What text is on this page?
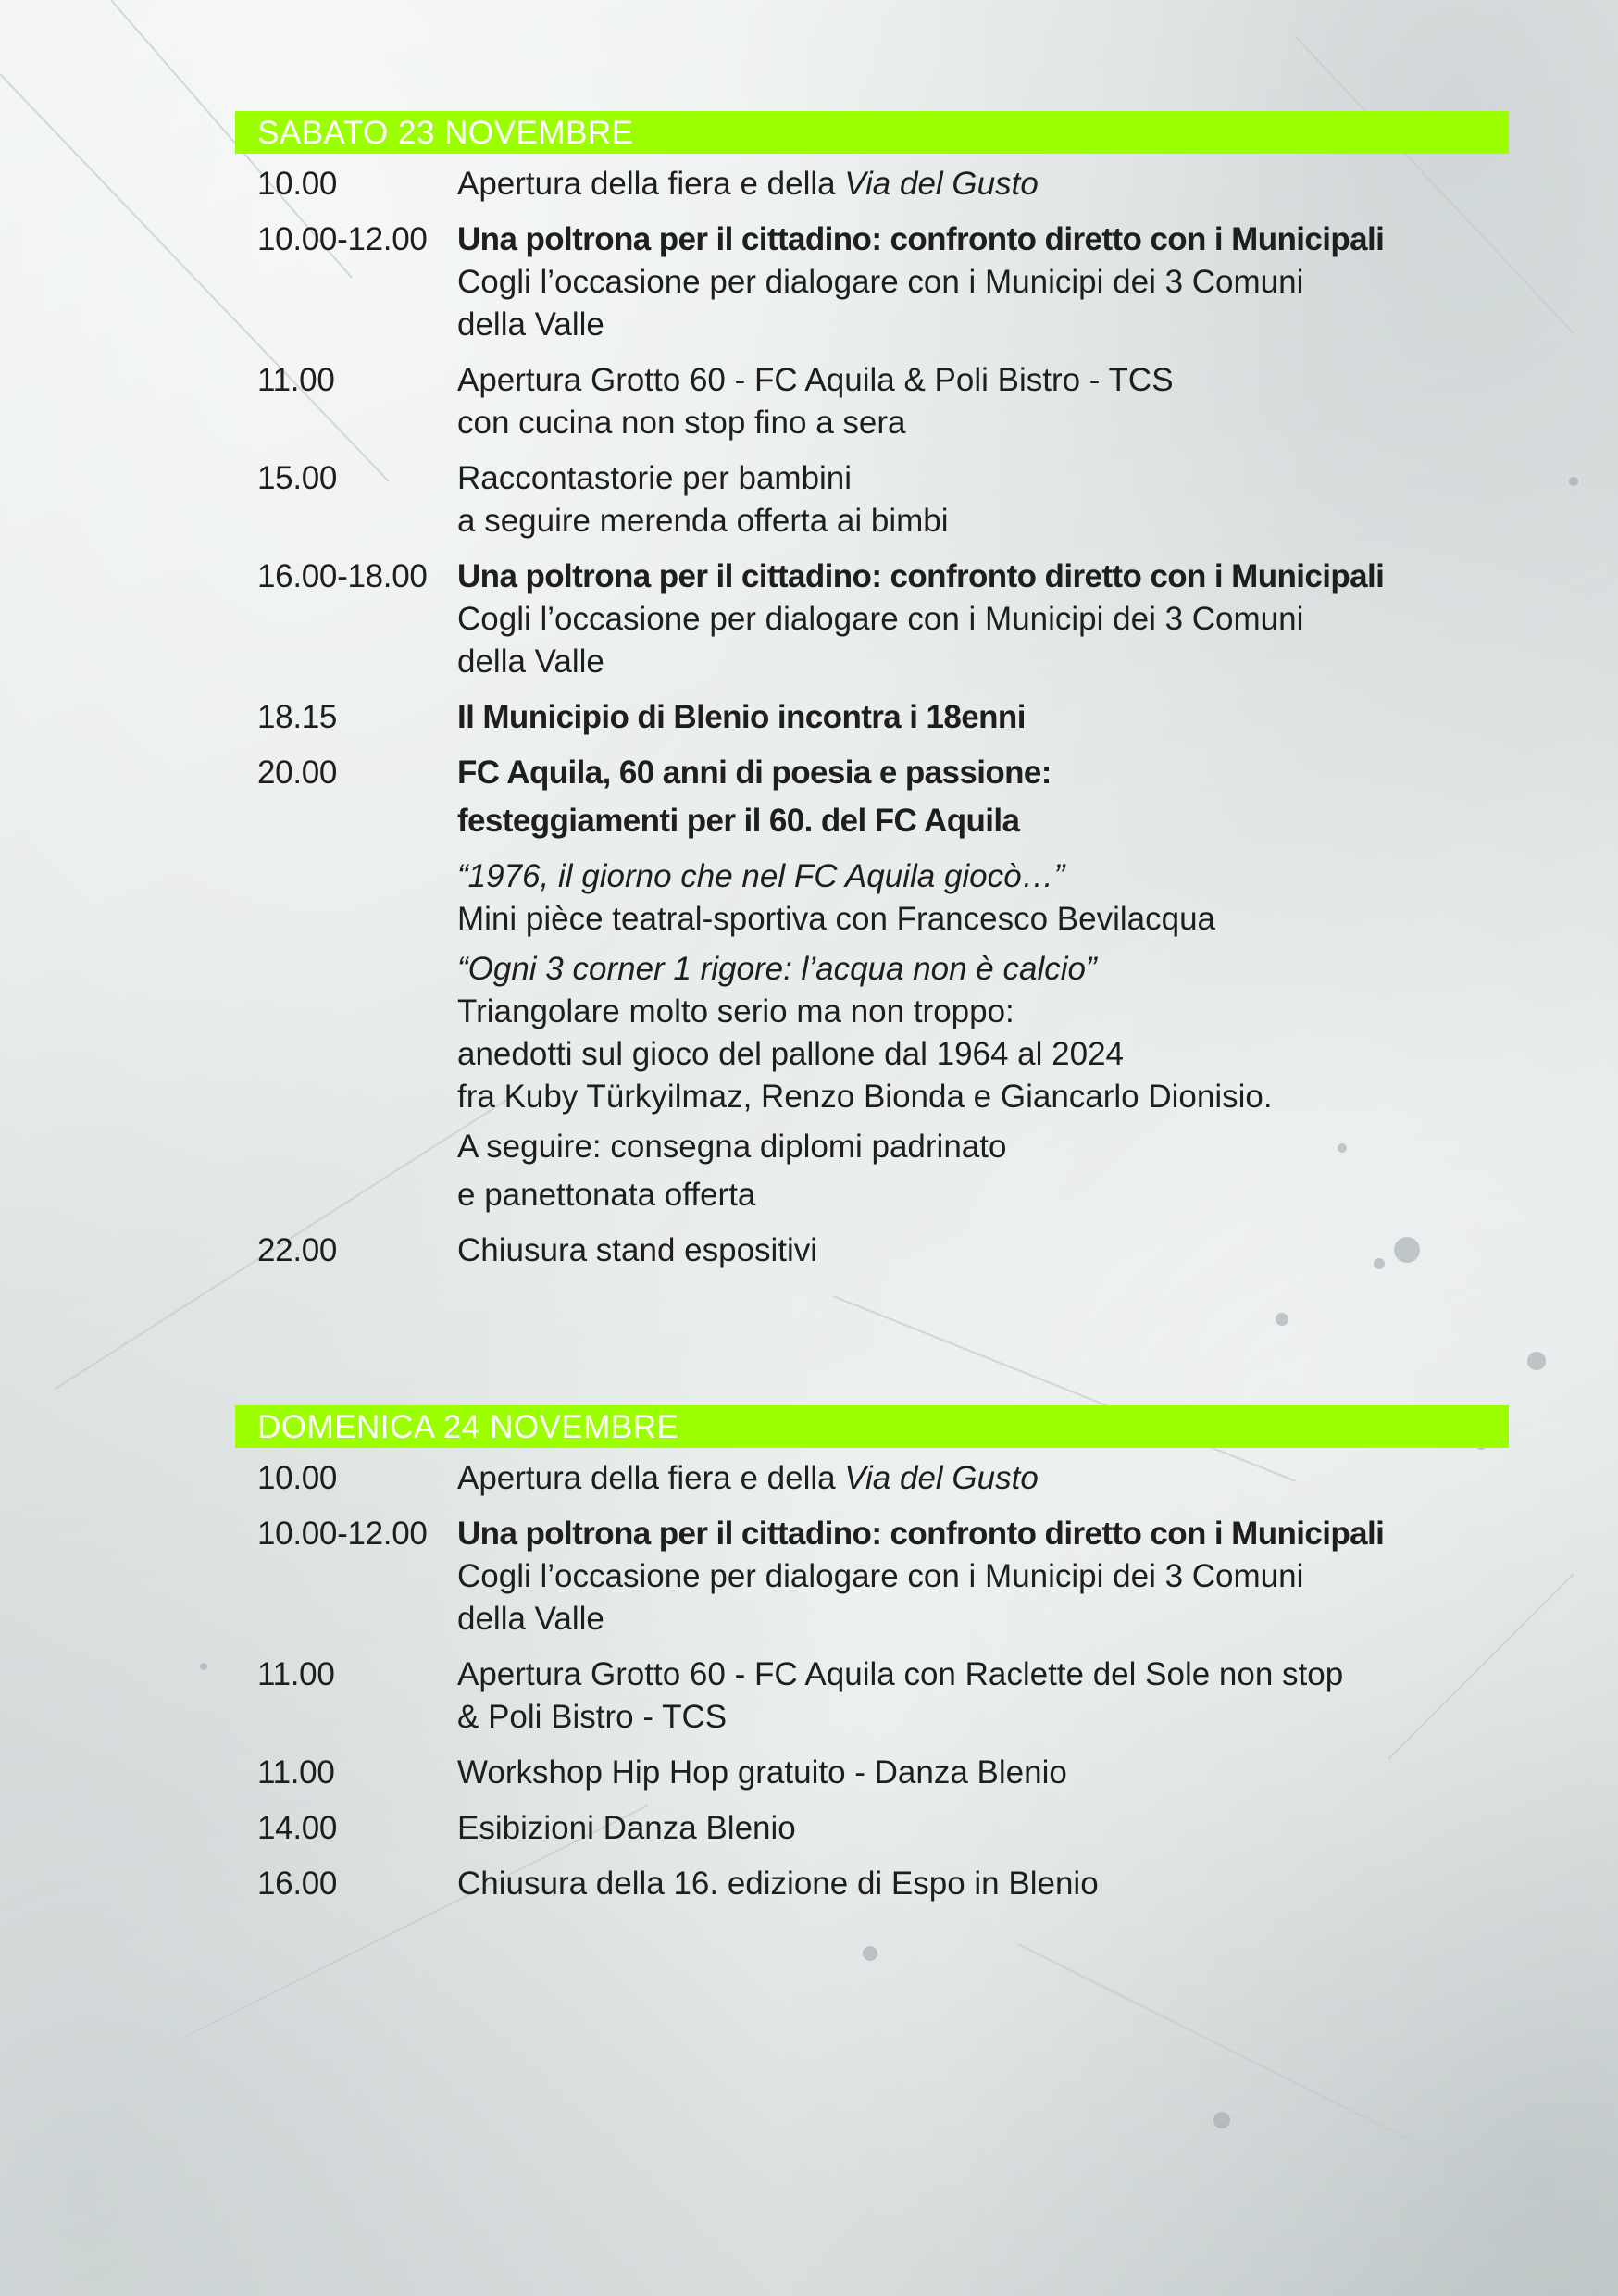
SABATO 23 NOVEMBRE
10.00	Apertura della fiera e della Via del Gusto
10.00-12.00 Una poltrona per il cittadino: confronto diretto con i Municipali
Cogli l’occasione per dialogare con i Municipi dei 3 Comuni
della Valle
11.00	Apertura Grotto 60 - FC Aquila & Poli Bistro - TCS
con cucina non stop fino a sera
15.00	Raccontastorie per bambini
a seguire merenda offerta ai bimbi
16.00-18.00 Una poltrona per il cittadino: confronto diretto con i Municipali
Cogli l’occasione per dialogare con i Municipi dei 3 Comuni
della Valle
18.15	Il Municipio di Blenio incontra i 18enni
20.00	FC Aquila, 60 anni di poesia e passione:
festeggiamenti per il 60. del FC Aquila
“1976, il giorno che nel FC Aquila giocò…”
Mini pièce teatral-sportiva con Francesco Bevilacqua
“Ogni 3 corner 1 rigore: l’acqua non è calcio”
Triangolare molto serio ma non troppo:
anedotti sul gioco del pallone dal 1964 al 2024
fra Kuby Türkyilmaz, Renzo Bionda e Giancarlo Dionisio.
A seguire: consegna diplomi padrinato
e panettonata offerta
22.00	Chiusura stand espositivi
DOMENICA 24 NOVEMBRE
10.00	Apertura della fiera e della Via del Gusto
10.00-12.00 Una poltrona per il cittadino: confronto diretto con i Municipali
Cogli l’occasione per dialogare con i Municipi dei 3 Comuni
della Valle
11.00	Apertura Grotto 60 - FC Aquila con Raclette del Sole non stop
& Poli Bistro - TCS
11.00	Workshop Hip Hop gratuito - Danza Blenio
14.00	Esibizioni Danza Blenio
16.00	Chiusura della 16. edizione di Espo in Blenio
